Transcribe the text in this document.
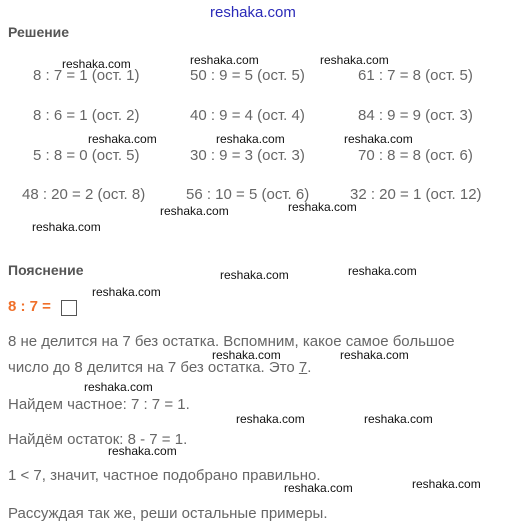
reshaka.com
Решение
8 : 7 = 1 (ост. 1)	50 : 9 = 5 (ост. 5)	61 : 7 = 8 (ост. 5)
8 : 6 = 1 (ост. 2)	40 : 9 = 4 (ост. 4)	84 : 9 = 9 (ост. 3)
5 : 8 = 0 (ост. 5)	30 : 9 = 3 (ост. 3)	70 : 8 = 8 (ост. 6)
48 : 20 = 2 (ост. 8)	56 : 10 = 5 (ост. 6)	32 : 20 = 1 (ост. 12)
reshaka.com	reshaka.com	reshaka.com
reshaka.com	reshaka.com	reshaka.com
reshaka.com	reshaka.com
reshaka.com
Пояснение	reshaka.com	reshaka.com
8 : 7 =
reshaka.com
8 не делится на 7 без остатка. Вспомним, какое самое большое
число до 8 делится на 7 без остатка. Это 7.
reshaka.com	reshaka.com
reshaka.com
Найдем частное: 7 : 7 = 1.
reshaka.com	reshaka.com
Найдём остаток: 8 - 7 = 1.
reshaka.com
1 < 7, значит, частное подобрано правильно.
reshaka.com	reshaka.com
Рассуждая так же, реши остальные примеры.
